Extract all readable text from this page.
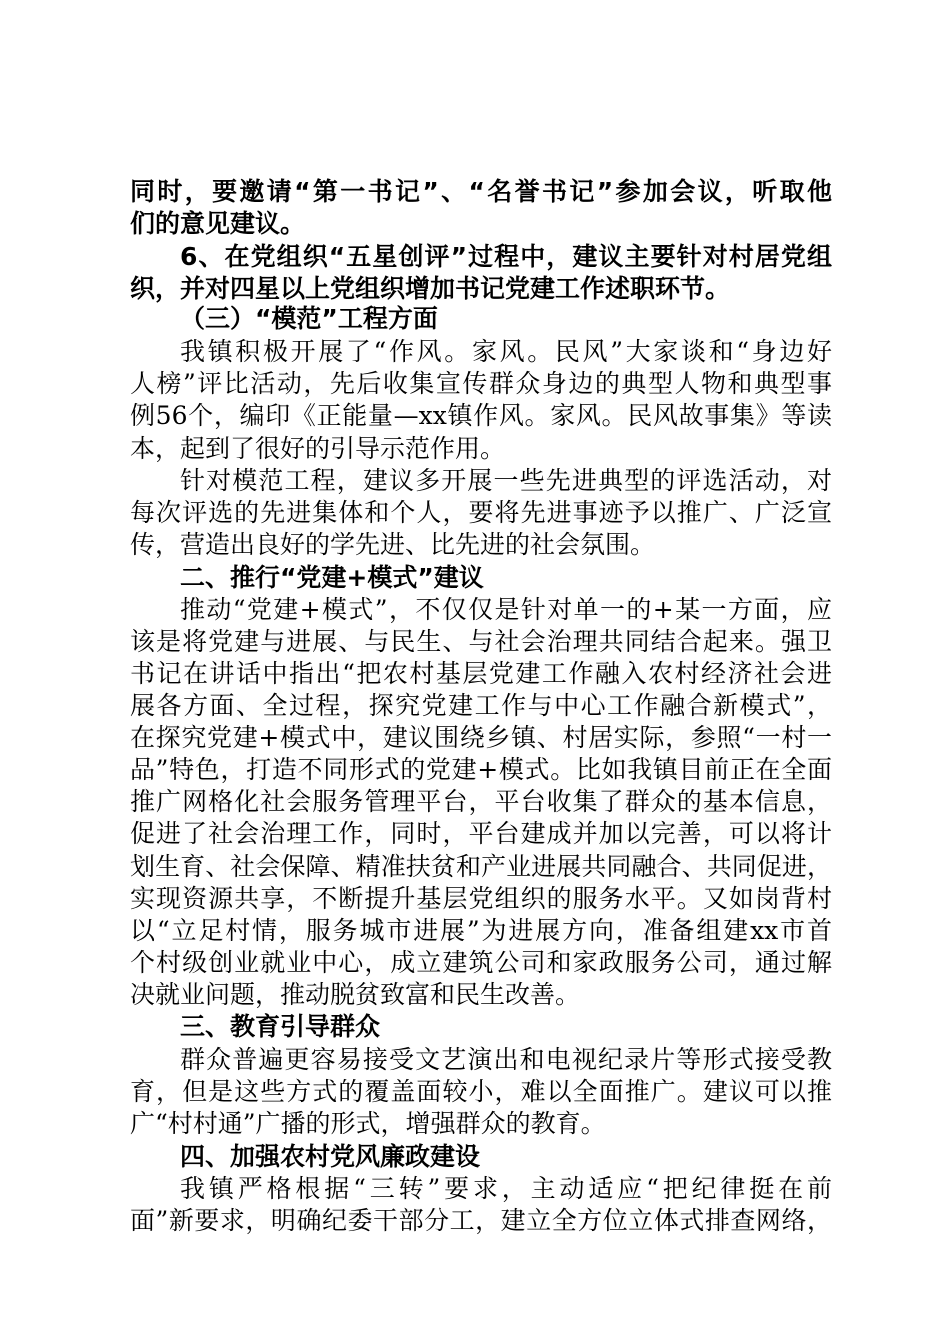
同时，要邀请“第一书记”、“名誉书记”参加会议，听取他
们的意见建议。
6、在党组织“五星创评”过程中，建议主要针对村居党组
织，并对四星以上党组织增加书记党建工作述职环节。
（三）“模范”工程方面
我镇积极开展了“作风。家风。民风”大家谈和“身边好
人榜”评比活动，先后收集宣传群众身边的典型人物和典型事
例56个，编印《正能量—xx镇作风。家风。民风故事集》等读
本，起到了很好的引导示范作用。
针对模范工程，建议多开展一些先进典型的评选活动，对
每次评选的先进集体和个人，要将先进事迹予以推广、广泛宣
传，营造出良好的学先进、比先进的社会氛围。
二、推行“党建+模式”建议
推动“党建+模式”，不仅仅是针对单一的+某一方面，应
该是将党建与进展、与民生、与社会治理共同结合起来。强卫
书记在讲话中指出“把农村基层党建工作融入农村经济社会进
展各方面、全过程，探究党建工作与中心工作融合新模式”，
在探究党建+模式中，建议围绕乡镇、村居实际，参照“一村一
品”特色，打造不同形式的党建+模式。比如我镇目前正在全面
推广网格化社会服务管理平台，平台收集了群众的基本信息，
促进了社会治理工作，同时，平台建成并加以完善，可以将计
划生育、社会保障、精准扶贫和产业进展共同融合、共同促进，
实现资源共享，不断提升基层党组织的服务水平。又如岗背村
以“立足村情，服务城市进展”为进展方向，准备组建xx市首
个村级创业就业中心，成立建筑公司和家政服务公司，通过解
决就业问题，推动脱贫致富和民生改善。
三、教育引导群众
群众普遍更容易接受文艺演出和电视纪录片等形式接受教
育，但是这些方式的覆盖面较小，难以全面推广。建议可以推
广“村村通”广播的形式，增强群众的教育。
四、加强农村党风廉政建设
我镇严格根据“三转”要求，主动适应“把纪律挺在前
面”新要求，明确纪委干部分工，建立全方位立体式排查网络，
